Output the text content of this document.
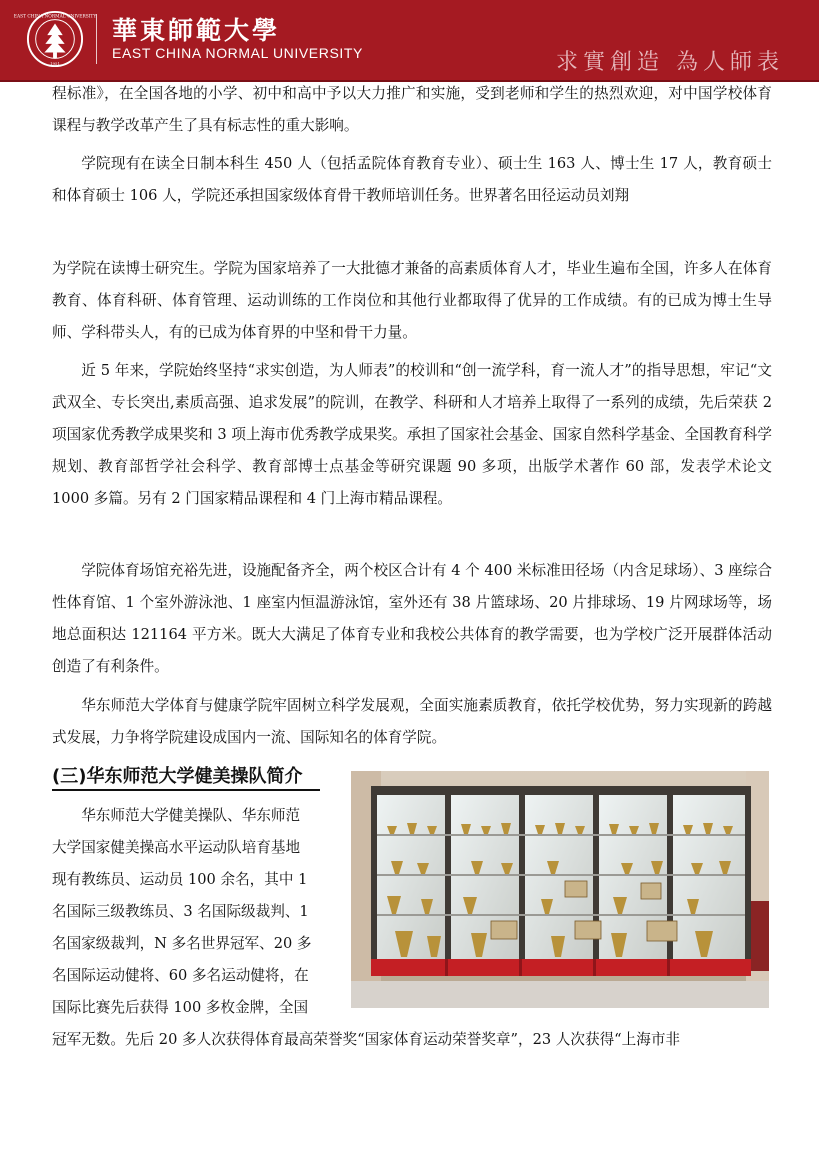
EAST CHINA NORMAL UNIVERSITY
1951
華東師範大學
EAST CHINA NORMAL UNIVERSITY	求實創造 為人師表

程标准》，在全国各地的小学、初中和高中予以大力推广和实施，受到老师和学生的热烈欢迎，对中国学校体育课程与教学改革产生了具有标志性的重大影响。

学院现有在读全日制本科生 450 人（包括孟院体育教育专业）、硕士生 163 人、博士生 17 人，教育硕士和体育硕士 106 人，学院还承担国家级体育骨干教师培训任务。世界著名田径运动员刘翔

为学院在读博士研究生。学院为国家培养了一大批德才兼备的高素质体育人才，毕业生遍布全国，许多人在体育教育、体育科研、体育管理、运动训练的工作岗位和其他行业都取得了优异的工作成绩。有的已成为博士生导师、学科带头人，有的已成为体育界的中坚和骨干力量。

近 5 年来，学院始终坚持“求实创造，为人师表”的校训和“创一流学科，育一流人才”的指导思想，牢记“文武双全、专长突出,素质高强、追求发展”的院训，在教学、科研和人才培养上取得了一系列的成绩，先后荣获 2 项国家优秀教学成果奖和 3 项上海市优秀教学成果奖。承担了国家社会基金、国家自然科学基金、全国教育科学规划、教育部哲学社会科学、教育部博士点基金等研究课题 90 多项，出版学术著作 60 部，发表学术论文 1000 多篇。另有 2 门国家精品课程和 4 门上海市精品课程。

学院体育场馆充裕先进，设施配备齐全，两个校区合计有 4 个 400 米标准田径场（内含足球场）、3 座综合性体育馆、1 个室外游泳池、1 座室内恒温游泳馆，室外还有 38 片篮球场、20 片排球场、19 片网球场等，场地总面积达 121164 平方米。既大大满足了体育专业和我校公共体育的教学需要，也为学校广泛开展群体活动创造了有利条件。

华东师范大学体育与健康学院牢固树立科学发展观，全面实施素质教育，依托学校优势，努力实现新的跨越式发展，力争将学院建设成国内一流、国际知名的体育学院。

(三)华东师范大学健美操队简介
华东师范大学健美操队、华东师范
大学国家健美操高水平运动队培育基地
现有教练员、运动员 100 余名，其中 1
名国际三级教练员、3 名国际级裁判、1
名国家级裁判，N 多名世界冠军、20 多
名国际运动健将、60 多名运动健将，在
国际比赛先后获得 100 多枚金牌，全国

冠军无数。先后 20 多人次获得体育最高荣誉奖“国家体育运动荣誉奖章”，23 人次获得“上海市非
